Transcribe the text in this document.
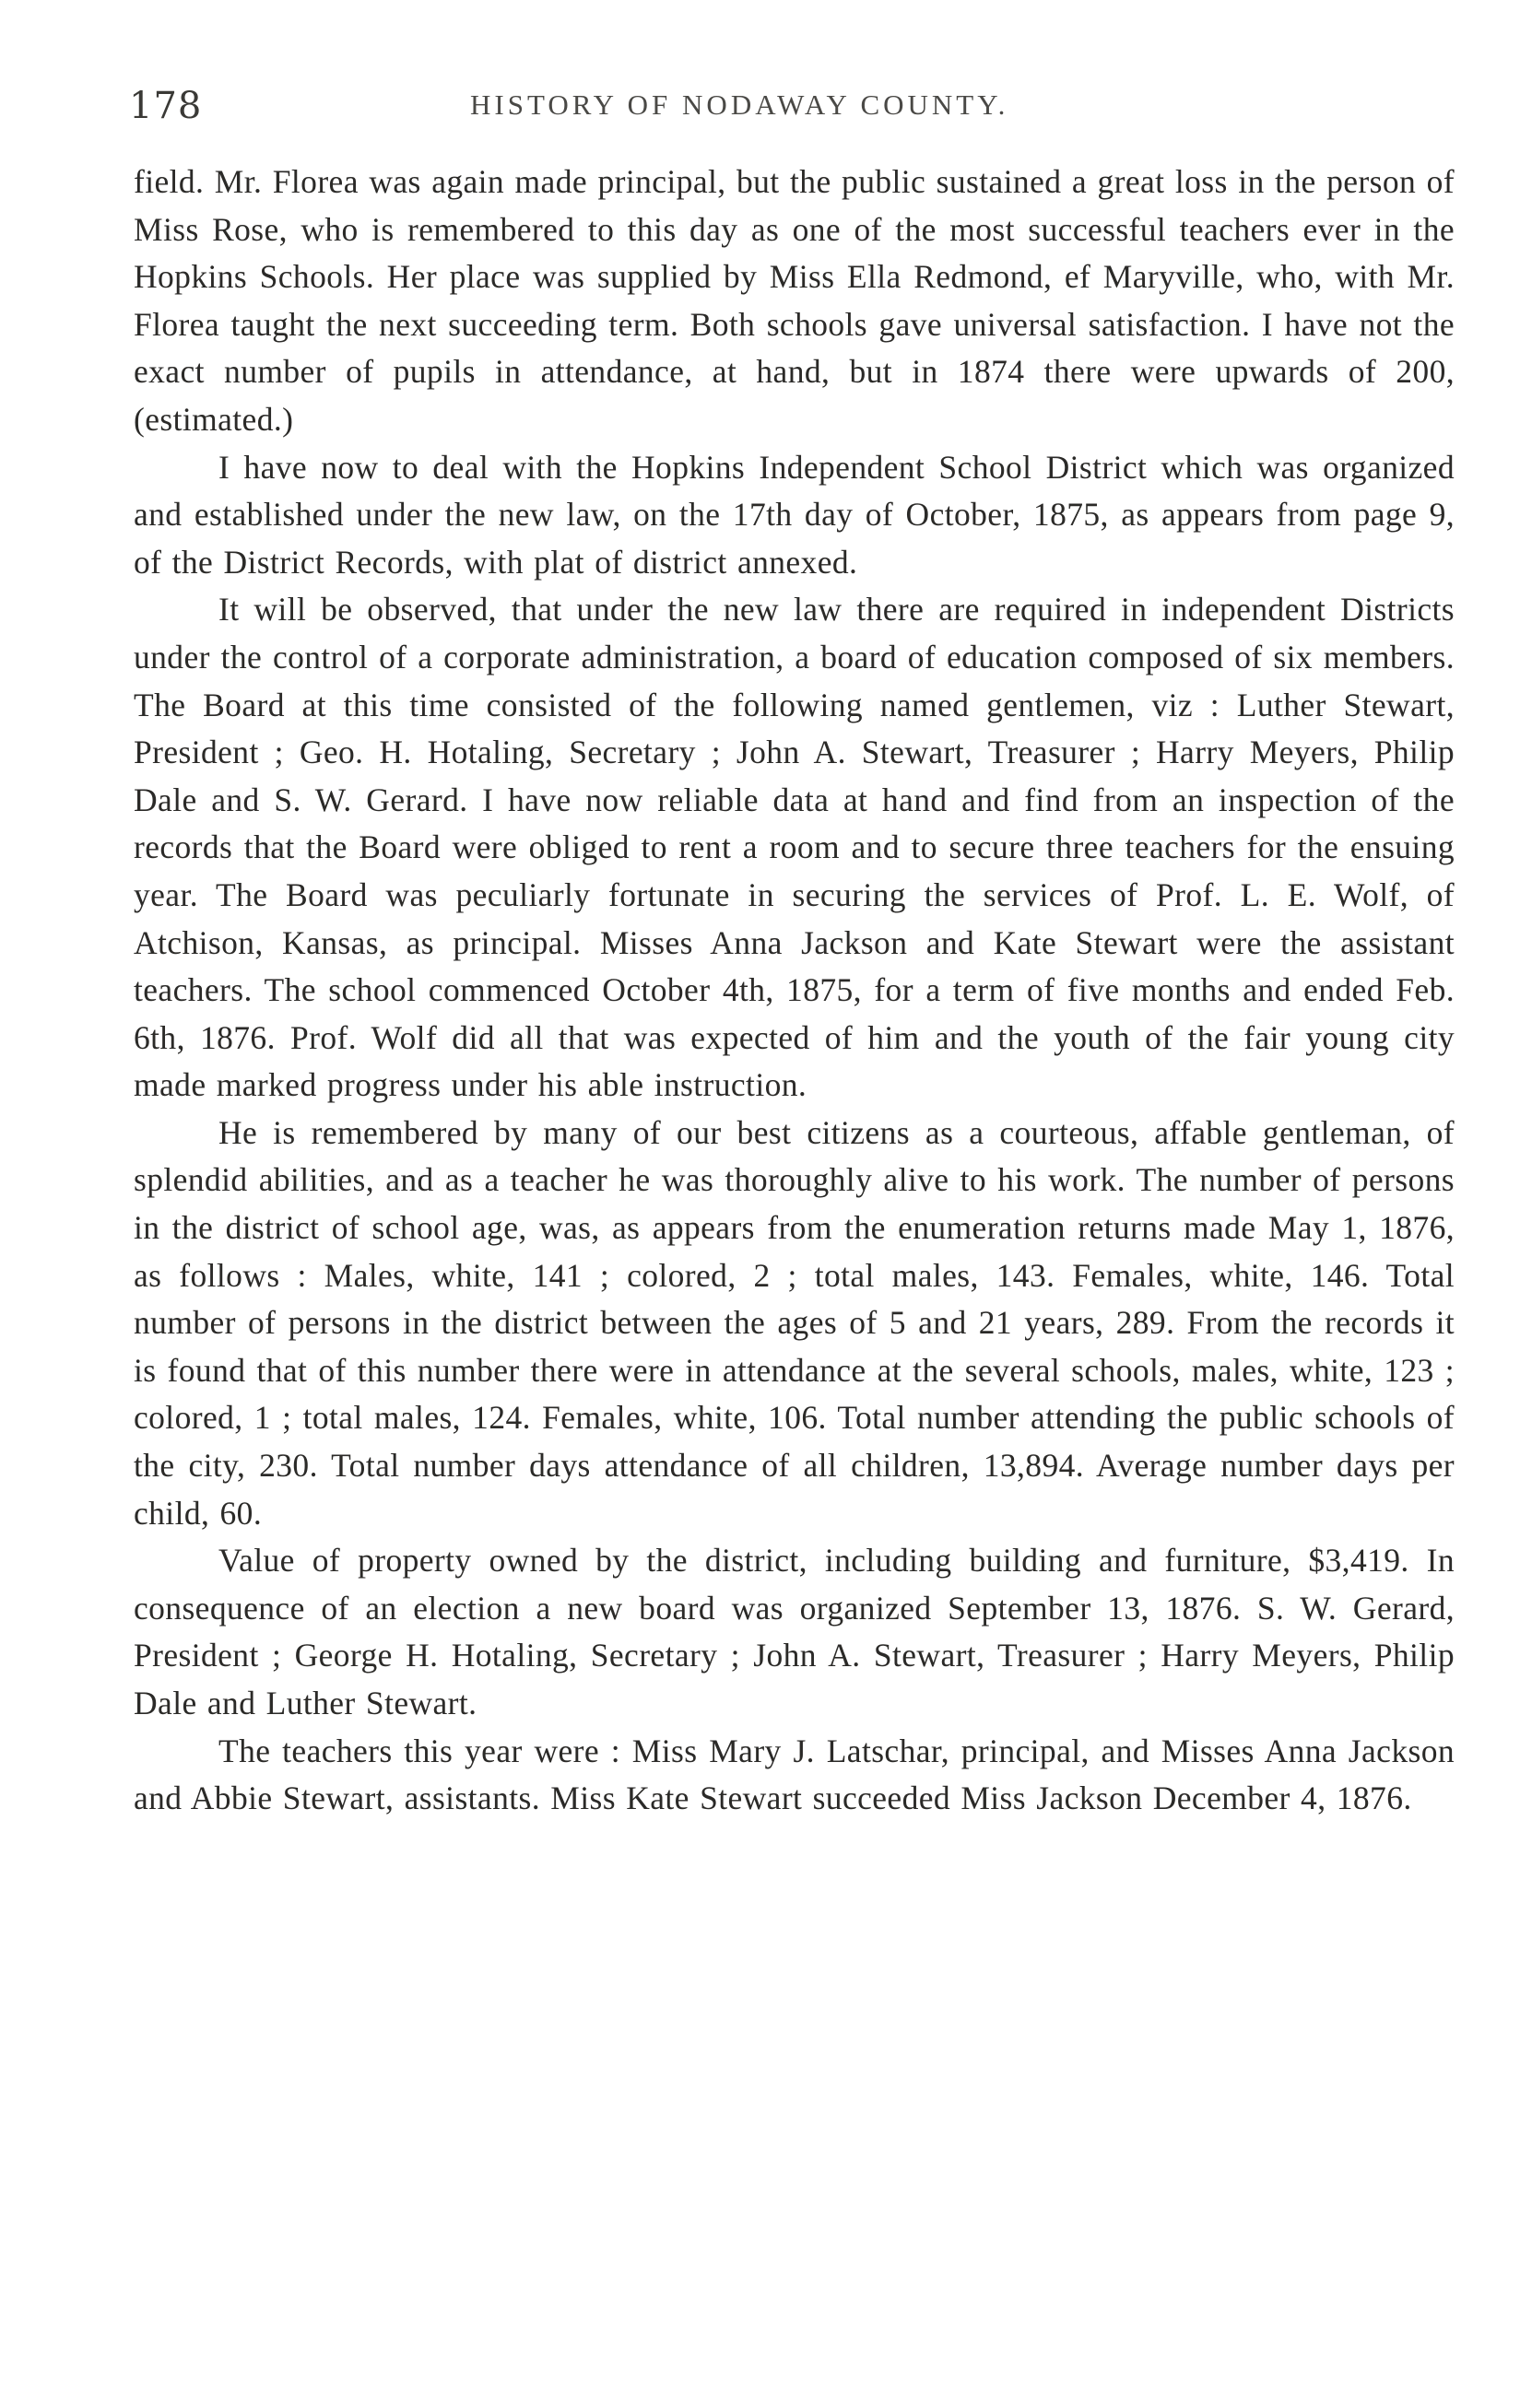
178	HISTORY OF NODAWAY COUNTY.

field. Mr. Florea was again made principal, but the public sustained a great loss in the person of Miss Rose, who is remembered to this day as one of the most successful teachers ever in the Hopkins Schools. Her place was supplied by Miss Ella Redmond, ef Maryville, who, with Mr. Florea taught the next succeeding term. Both schools gave universal satisfaction. I have not the exact number of pupils in attendance, at hand, but in 1874 there were upwards of 200, (estimated.)

I have now to deal with the Hopkins Independent School District which was organized and established under the new law, on the 17th day of October, 1875, as appears from page 9, of the District Records, with plat of district annexed.

It will be observed, that under the new law there are required in independent Districts under the control of a corporate administration, a board of education composed of six members. The Board at this time consisted of the following named gentlemen, viz : Luther Stewart, President ; Geo. H. Hotaling, Secretary ; John A. Stewart, Treasurer ; Harry Meyers, Philip Dale and S. W. Gerard. I have now reliable data at hand and find from an inspection of the records that the Board were obliged to rent a room and to secure three teachers for the ensuing year. The Board was peculiarly fortunate in securing the services of Prof. L. E. Wolf, of Atchison, Kansas, as principal. Misses Anna Jackson and Kate Stewart were the assistant teachers. The school commenced October 4th, 1875, for a term of five months and ended Feb. 6th, 1876. Prof. Wolf did all that was expected of him and the youth of the fair young city made marked progress under his able instruction.

He is remembered by many of our best citizens as a courteous, affable gentleman, of splendid abilities, and as a teacher he was thoroughly alive to his work. The number of persons in the district of school age, was, as appears from the enumeration returns made May 1, 1876, as follows : Males, white, 141 ; colored, 2 ; total males, 143. Females, white, 146. Total number of persons in the district between the ages of 5 and 21 years, 289. From the records it is found that of this number there were in attendance at the several schools, males, white, 123 ; colored, 1 ; total males, 124. Females, white, 106. Total number attending the public schools of the city, 230. Total number days attendance of all children, 13,894. Average number days per child, 60.

Value of property owned by the district, including building and furniture, $3,419. In consequence of an election a new board was organized September 13, 1876. S. W. Gerard, President ; George H. Hotaling, Secretary ; John A. Stewart, Treasurer ; Harry Meyers, Philip Dale and Luther Stewart.

The teachers this year were : Miss Mary J. Latschar, principal, and Misses Anna Jackson and Abbie Stewart, assistants. Miss Kate Stewart succeeded Miss Jackson December 4, 1876.
